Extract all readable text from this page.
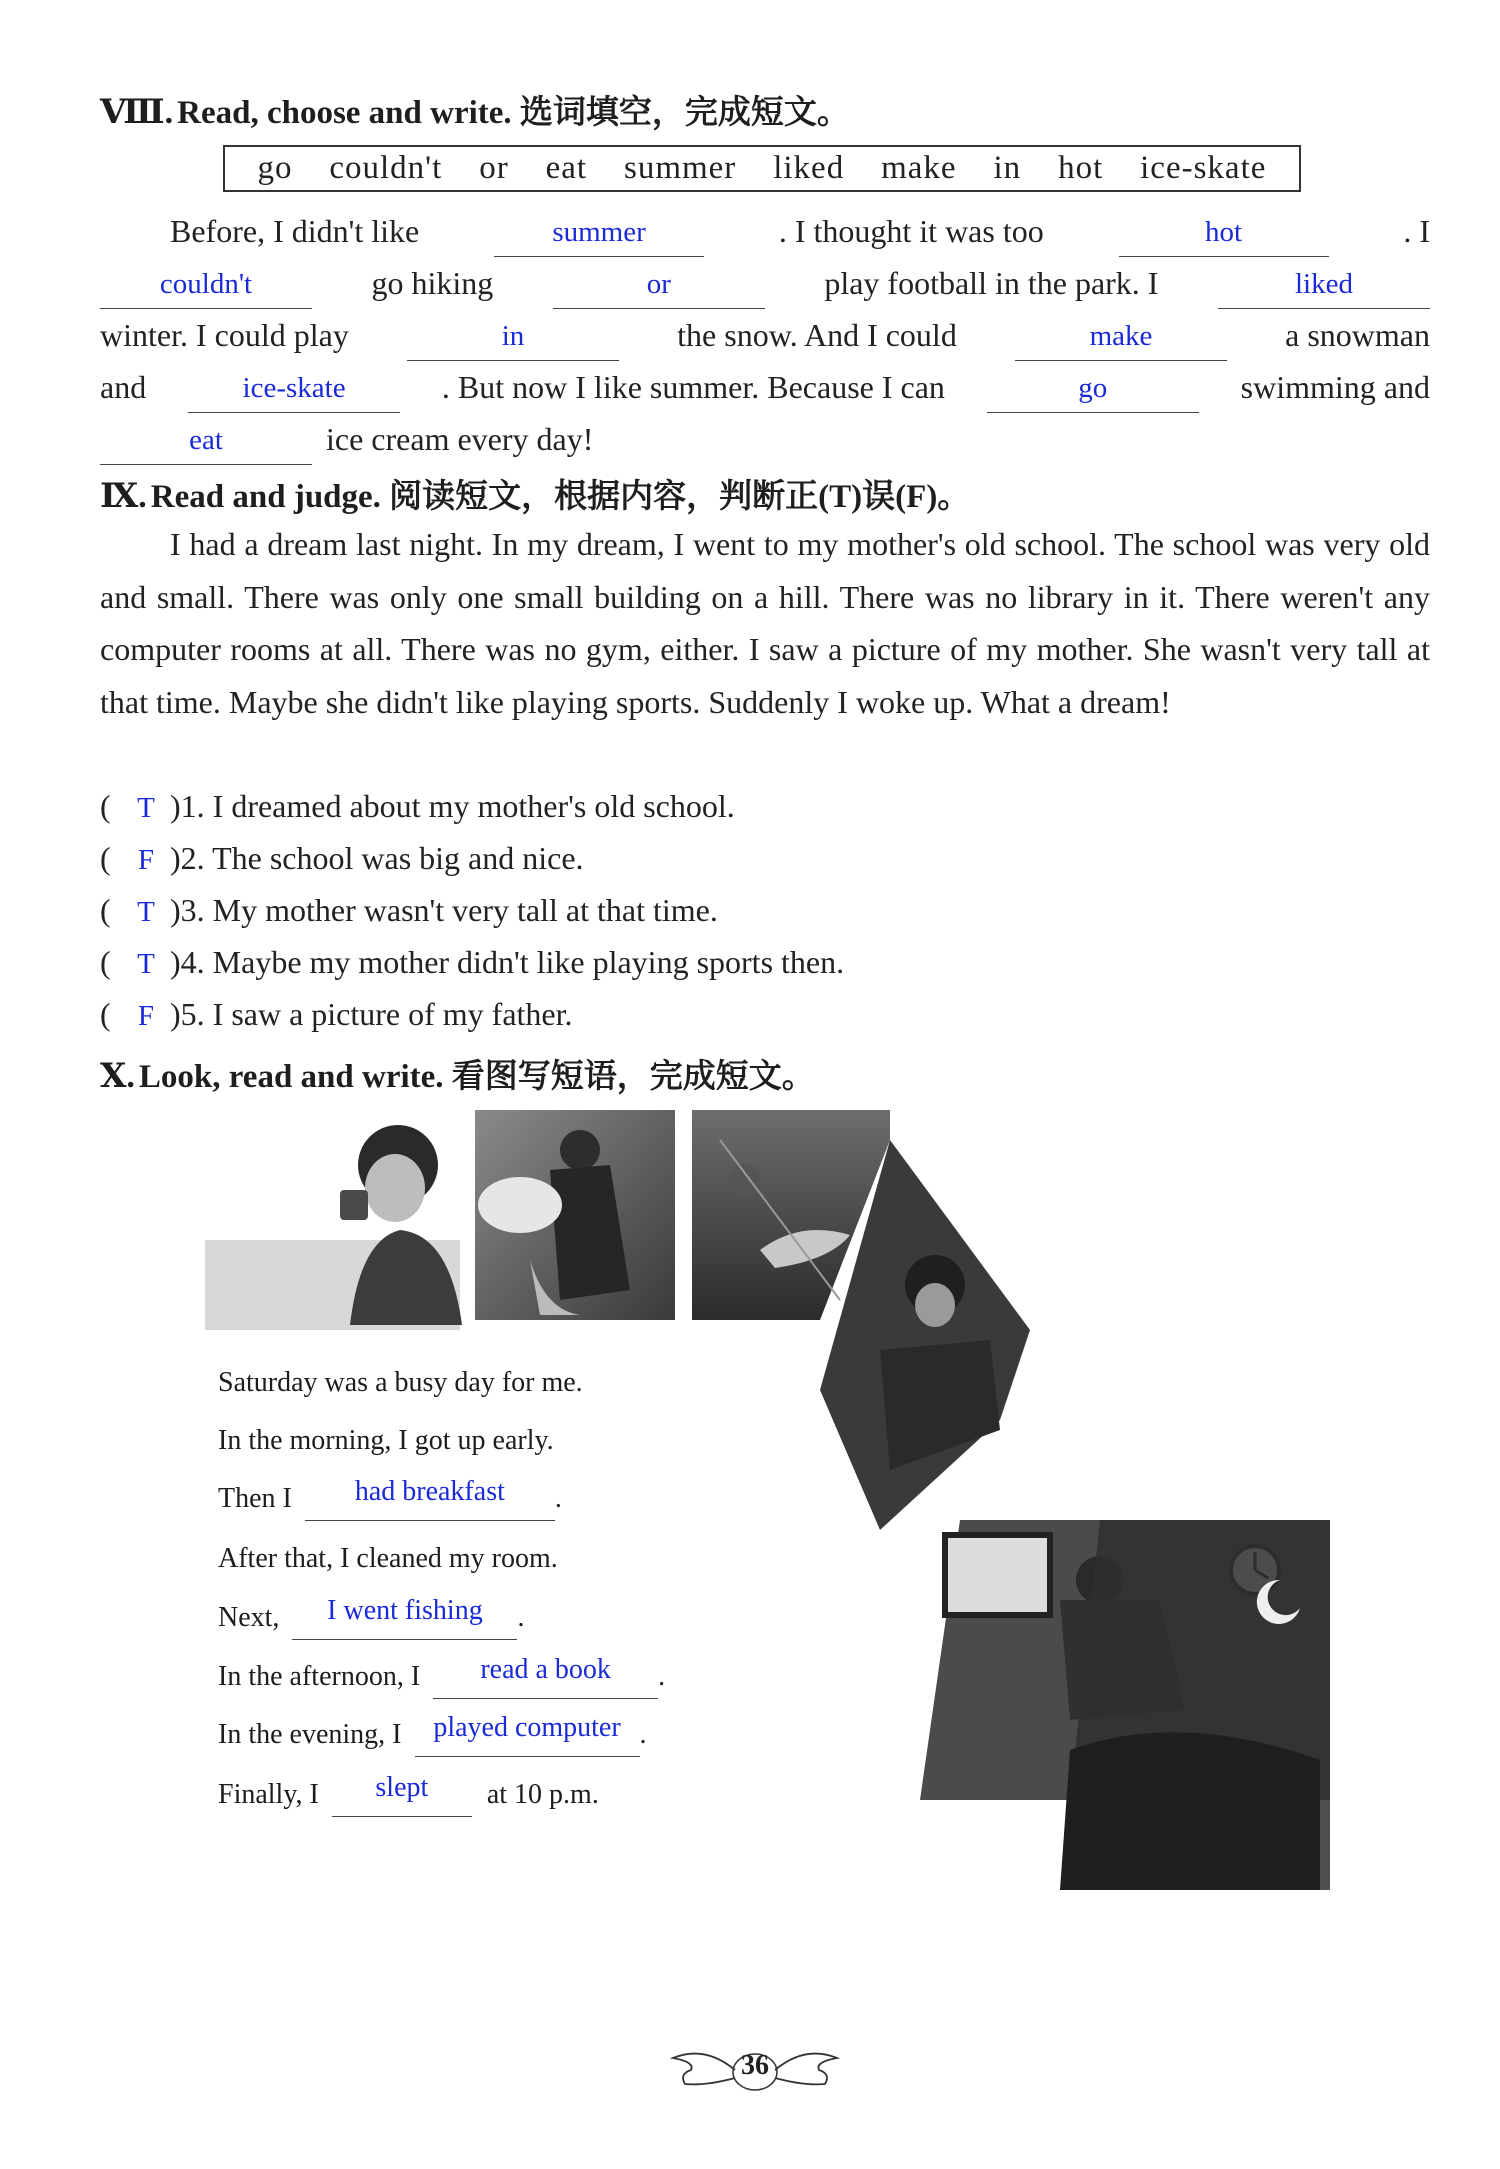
Ⅷ. Read, choose and write. 选词填空，完成短文。
go couldn't or eat summer liked make in hot ice-skate
Before, I didn't like	summer	. I thought it was too	hot	. I
couldn't	go hiking	or	play football in the park. I	liked
winter. I could play	in	the snow. And I could	make	a snowman
and	ice-skate	. But now I like summer. Because I can	go	swimming and
eat	ice cream every day!
Ⅸ. Read and judge. 阅读短文，根据内容，判断正(T)误(F)。
I had a dream last night. In my dream, I went to my mother's old school. The school was very old and small. There was only one small building on a hill. There was no library in it. There weren't any computer rooms at all. There was no gym, either. I saw a picture of my mother. She wasn't very tall at that time. Maybe she didn't like playing sports. Suddenly I woke up. What a dream!
( T )1. I dreamed about my mother's old school.
( F )2. The school was big and nice.
( T )3. My mother wasn't very tall at that time.
( T )4. Maybe my mother didn't like playing sports then.
( F )5. I saw a picture of my father.
Ⅹ. Look, read and write. 看图写短语，完成短文。
Saturday was a busy day for me.
In the morning, I got up early.
Then I	had breakfast	.
After that, I cleaned my room.
Next,	I went fishing	.
In the afternoon, I	read a book	.
In the evening, I	played computer .
Finally, I	slept	at 10 p.m.
36
